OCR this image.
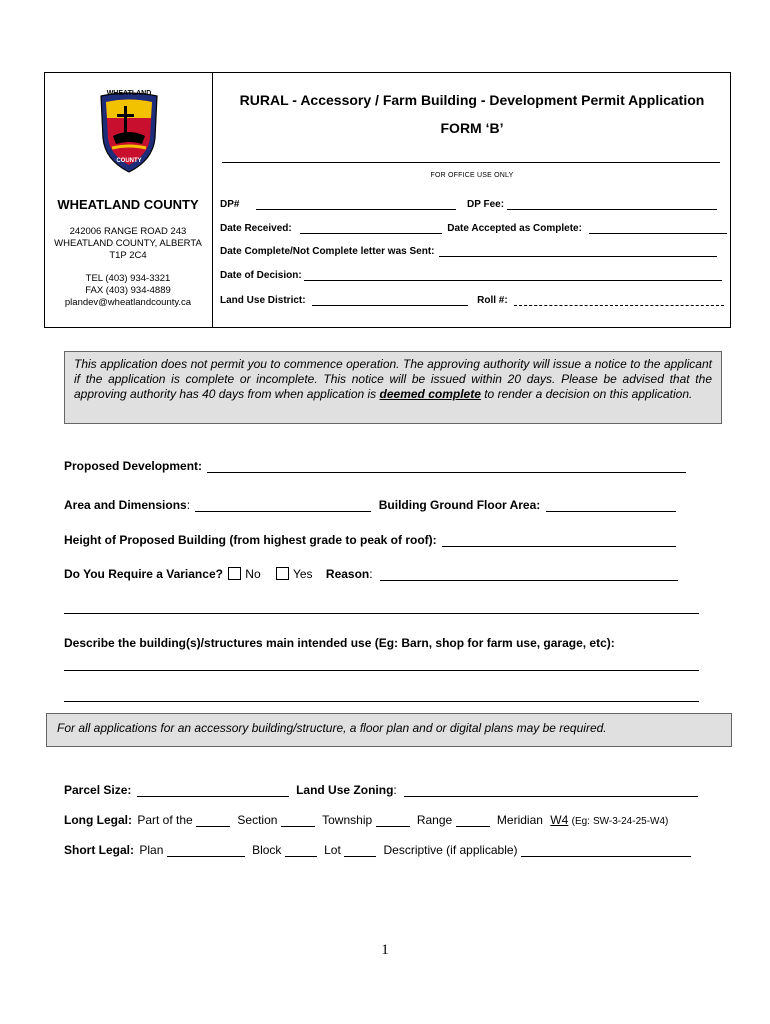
WHEATLAND
COUNTY
RURAL - Accessory / Farm Building - Development Permit Application
FORM ‘B’
FOR OFFICE USE ONLY
WHEATLAND COUNTY
242006 RANGE ROAD 243
WHEATLAND COUNTY, ALBERTA
T1P 2C4
TEL (403) 934-3321
FAX (403) 934-4889
plandev@wheatlandcounty.ca
DP#	DP Fee:
Date Received:	Date Accepted as Complete:
Date Complete/Not Complete letter was Sent:
Date of Decision:
Land Use District:	Roll #:
This application does not permit you to commence operation. The approving authority will issue a notice to the applicant if the application is complete or incomplete. This notice will be issued within 20 days. Please be advised that the approving authority has 40 days from when application is deemed complete to render a decision on this application.
Proposed Development:
Area and Dimensions:	Building Ground Floor Area:
Height of Proposed Building (from highest grade to peak of roof):
Do You Require a Variance? No	Yes Reason:
Describe the building(s)/structures main intended use (Eg: Barn, shop for farm use, garage, etc):
For all applications for an accessory building/structure, a floor plan and or digital plans may be required.
Parcel Size:	Land Use Zoning:
Long Legal: Part of the	Section	Township	Range	Meridian W4 (Eg: SW-3-24-25-W4)
Short Legal: Plan	Block	Lot	Descriptive (if applicable)
1
